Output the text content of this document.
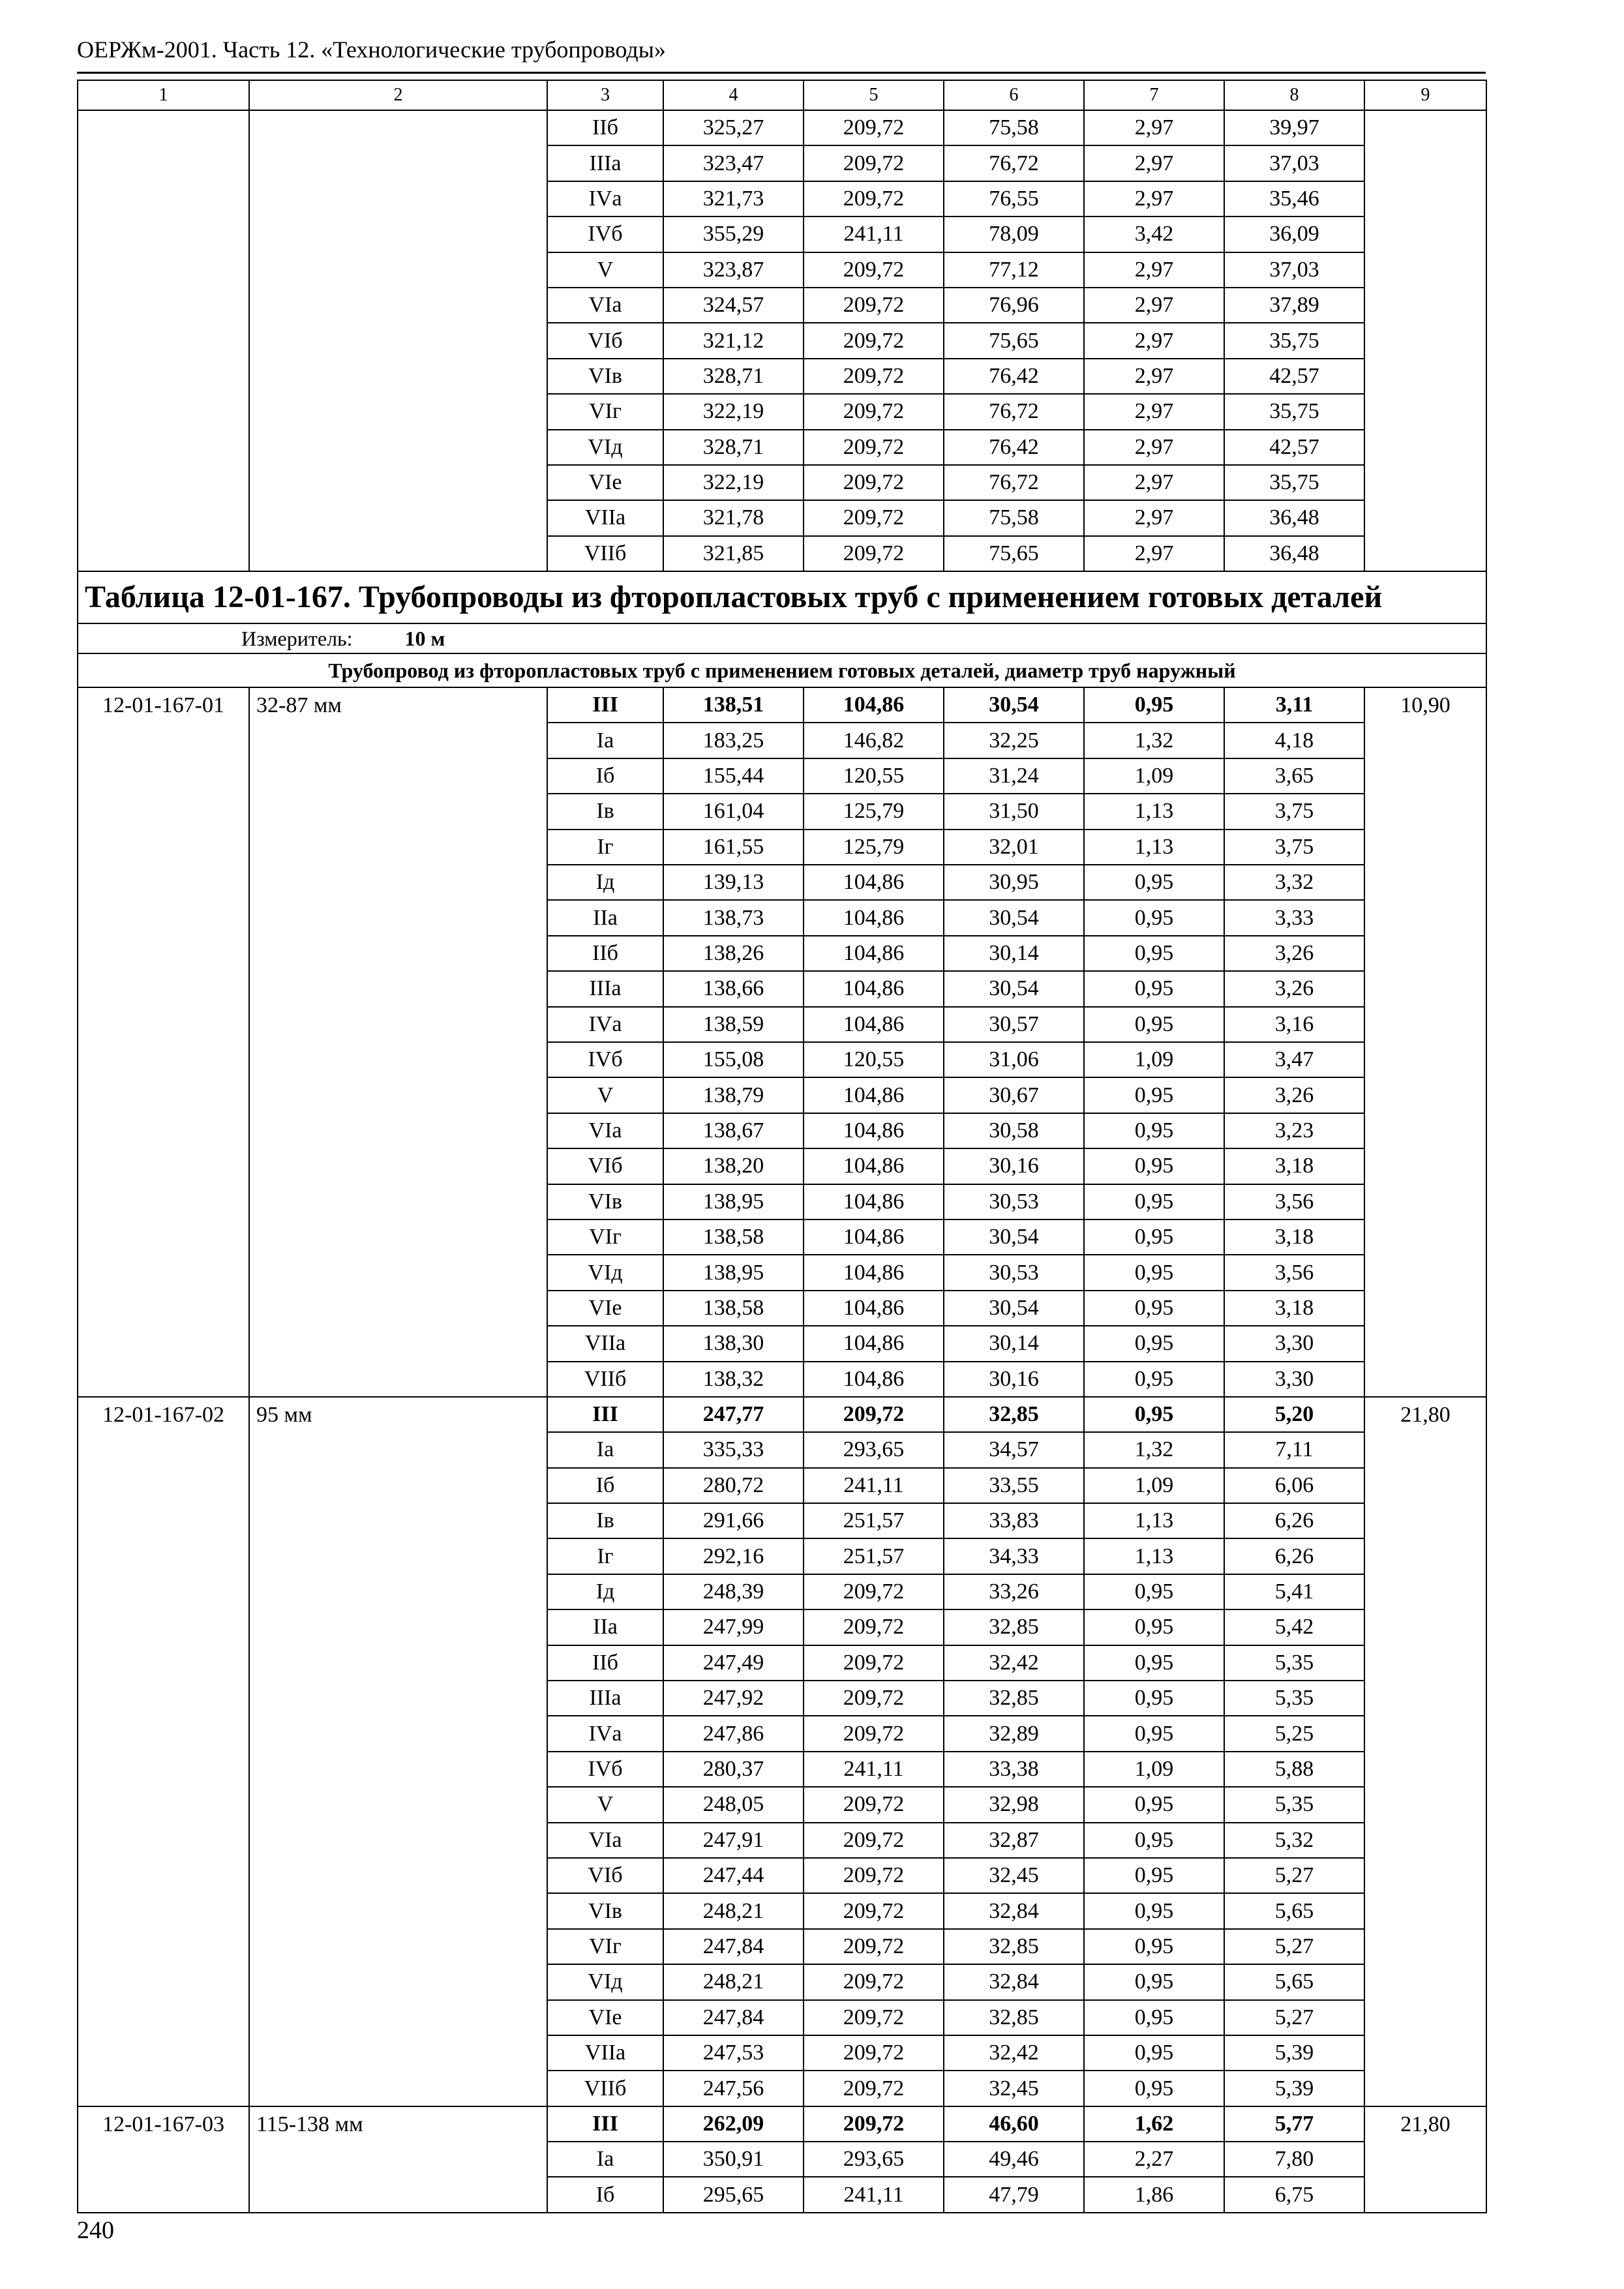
ОЕРЖм-2001. Часть 12. «Технологические трубопроводы»
1	2	3	4	5	6	7	8	9
		IIб	325,27	209,72	75,58	2,97	39,97	
		IIIа	323,47	209,72	76,72	2,97	37,03	
		IVа	321,73	209,72	76,55	2,97	35,46	
		IVб	355,29	241,11	78,09	3,42	36,09	
		V	323,87	209,72	77,12	2,97	37,03	
		VIа	324,57	209,72	76,96	2,97	37,89	
		VIб	321,12	209,72	75,65	2,97	35,75	
		VIв	328,71	209,72	76,42	2,97	42,57	
		VIг	322,19	209,72	76,72	2,97	35,75	
		VIд	328,71	209,72	76,42	2,97	42,57	
		VIе	322,19	209,72	76,72	2,97	35,75	
		VIIа	321,78	209,72	75,58	2,97	36,48	
		VIIб	321,85	209,72	75,65	2,97	36,48	
Таблица 12-01-167. Трубопроводы из фторопластовых труб с применением готовых деталей								
Измеритель: 10 м								
Трубопровод из фторопластовых труб с применением готовых деталей, диаметр труб наружный								
12-01-167-01	32-87 мм	III	138,51	104,86	30,54	0,95	3,11	10,90
		Iа	183,25	146,82	32,25	1,32	4,18	
		Iб	155,44	120,55	31,24	1,09	3,65	
		Iв	161,04	125,79	31,50	1,13	3,75	
		Iг	161,55	125,79	32,01	1,13	3,75	
		Iд	139,13	104,86	30,95	0,95	3,32	
		IIа	138,73	104,86	30,54	0,95	3,33	
		IIб	138,26	104,86	30,14	0,95	3,26	
		IIIа	138,66	104,86	30,54	0,95	3,26	
		IVа	138,59	104,86	30,57	0,95	3,16	
		IVб	155,08	120,55	31,06	1,09	3,47	
		V	138,79	104,86	30,67	0,95	3,26	
		VIа	138,67	104,86	30,58	0,95	3,23	
		VIб	138,20	104,86	30,16	0,95	3,18	
		VIв	138,95	104,86	30,53	0,95	3,56	
		VIг	138,58	104,86	30,54	0,95	3,18	
		VIд	138,95	104,86	30,53	0,95	3,56	
		VIе	138,58	104,86	30,54	0,95	3,18	
		VIIа	138,30	104,86	30,14	0,95	3,30	
		VIIб	138,32	104,86	30,16	0,95	3,30	
12-01-167-02	95 мм	III	247,77	209,72	32,85	0,95	5,20	21,80
		Iа	335,33	293,65	34,57	1,32	7,11	
		Iб	280,72	241,11	33,55	1,09	6,06	
		Iв	291,66	251,57	33,83	1,13	6,26	
		Iг	292,16	251,57	34,33	1,13	6,26	
		Iд	248,39	209,72	33,26	0,95	5,41	
		IIа	247,99	209,72	32,85	0,95	5,42	
		IIб	247,49	209,72	32,42	0,95	5,35	
		IIIа	247,92	209,72	32,85	0,95	5,35	
		IVа	247,86	209,72	32,89	0,95	5,25	
		IVб	280,37	241,11	33,38	1,09	5,88	
		V	248,05	209,72	32,98	0,95	5,35	
		VIа	247,91	209,72	32,87	0,95	5,32	
		VIб	247,44	209,72	32,45	0,95	5,27	
		VIв	248,21	209,72	32,84	0,95	5,65	
		VIг	247,84	209,72	32,85	0,95	5,27	
		VIд	248,21	209,72	32,84	0,95	5,65	
		VIе	247,84	209,72	32,85	0,95	5,27	
		VIIа	247,53	209,72	32,42	0,95	5,39	
		VIIб	247,56	209,72	32,45	0,95	5,39	
12-01-167-03	115-138 мм	III	262,09	209,72	46,60	1,62	5,77	21,80
		Iа	350,91	293,65	49,46	2,27	7,80	
		Iб	295,65	241,11	47,79	1,86	6,75	
240
